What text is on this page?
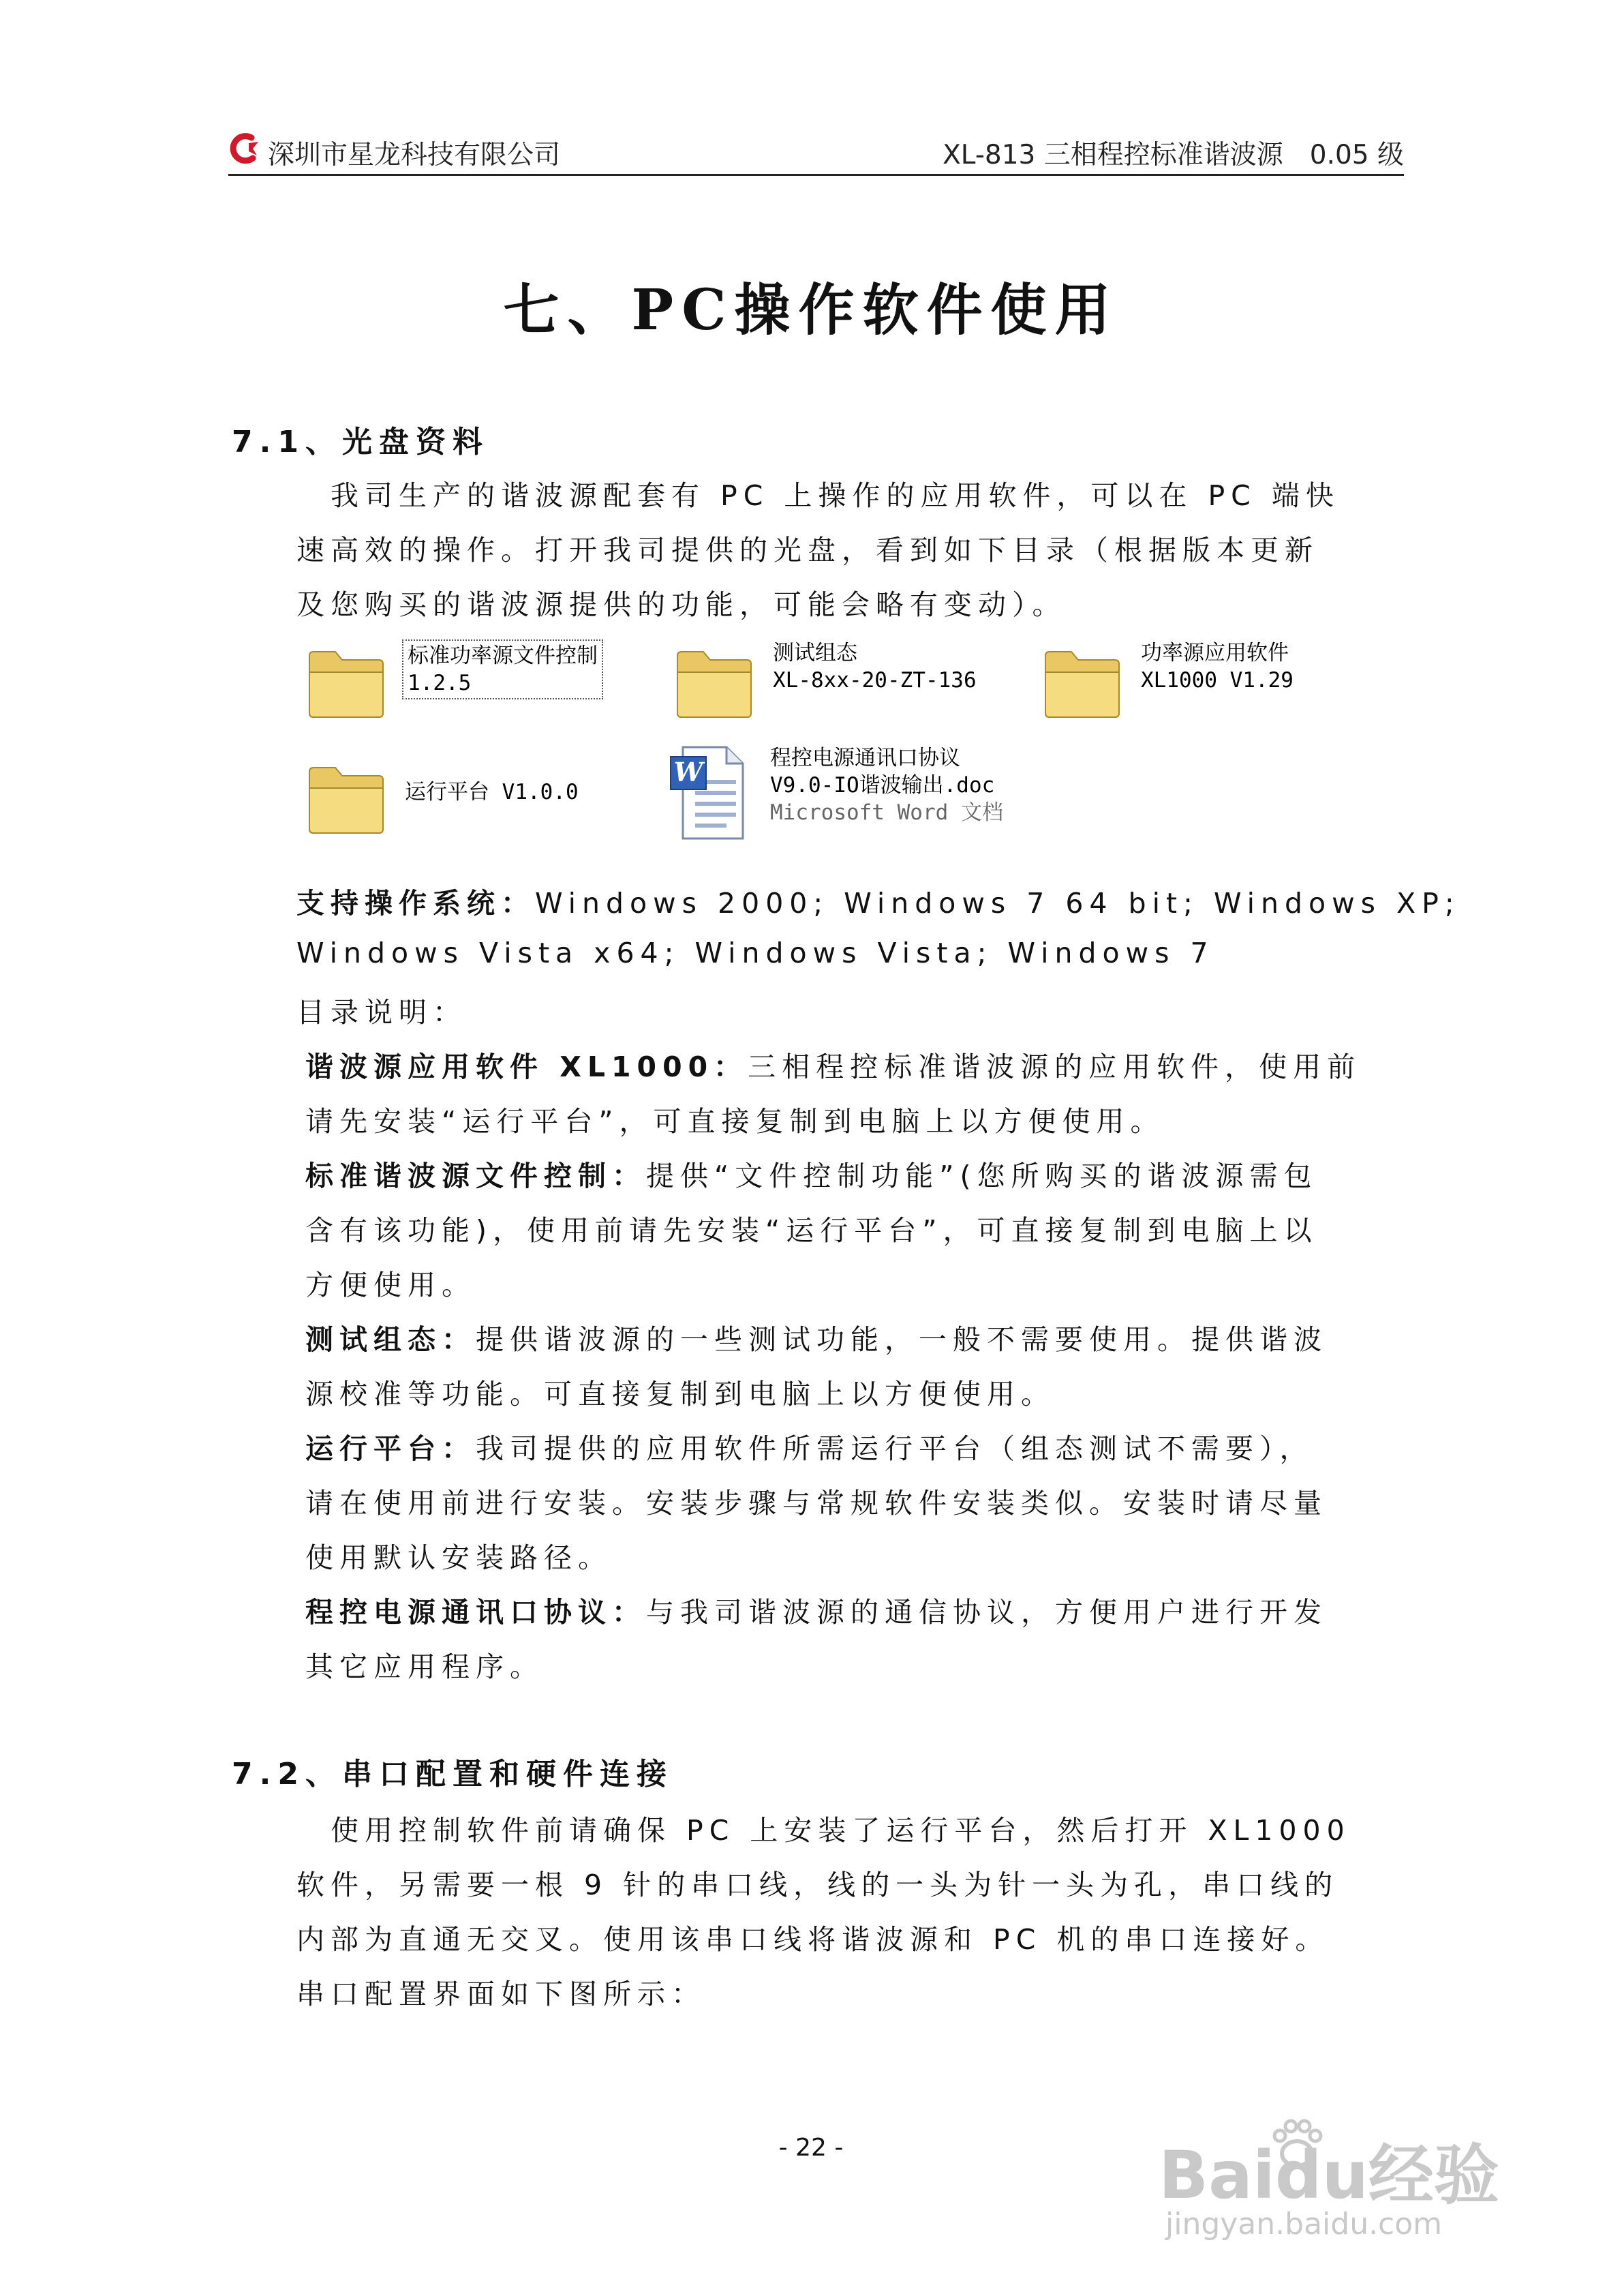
深圳市星龙科技有限公司	XL-813 三相程控标准谐波源　0.05 级
七、PC操作软件使用
7.1、光盘资料
　我司生产的谐波源配套有 PC 上操作的应用软件，可以在 PC 端快
速高效的操作。打开我司提供的光盘，看到如下目录（根据版本更新
及您购买的谐波源提供的功能，可能会略有变动）。
标准功率源文件控制
1.2.5
测试组态
XL-8xx-20-ZT-136
功率源应用软件
XL1000 V1.29
运行平台 V1.0.0
W	程控电源通讯口协议
V9.0-IO谐波输出.doc
Microsoft Word 文档
支持操作系统：Windows 2000; Windows 7 64 bit; Windows XP;
Windows Vista x64; Windows Vista; Windows 7
目录说明：
谐波源应用软件 XL1000：三相程控标准谐波源的应用软件，使用前
请先安装“运行平台”，可直接复制到电脑上以方便使用。
标准谐波源文件控制：提供“文件控制功能”(您所购买的谐波源需包
含有该功能)，使用前请先安装“运行平台”，可直接复制到电脑上以
方便使用。
测试组态：提供谐波源的一些测试功能，一般不需要使用。提供谐波
源校准等功能。可直接复制到电脑上以方便使用。
运行平台：我司提供的应用软件所需运行平台（组态测试不需要），
请在使用前进行安装。安装步骤与常规软件安装类似。安装时请尽量
使用默认安装路径。
程控电源通讯口协议：与我司谐波源的通信协议，方便用户进行开发
其它应用程序。
7.2、串口配置和硬件连接
　使用控制软件前请确保 PC 上安装了运行平台，然后打开 XL1000
软件，另需要一根 9 针的串口线，线的一头为针一头为孔，串口线的
内部为直通无交叉。使用该串口线将谐波源和 PC 机的串口连接好。
串口配置界面如下图所示：
- 22 -	Baidu经验
jingyan.baidu.com
